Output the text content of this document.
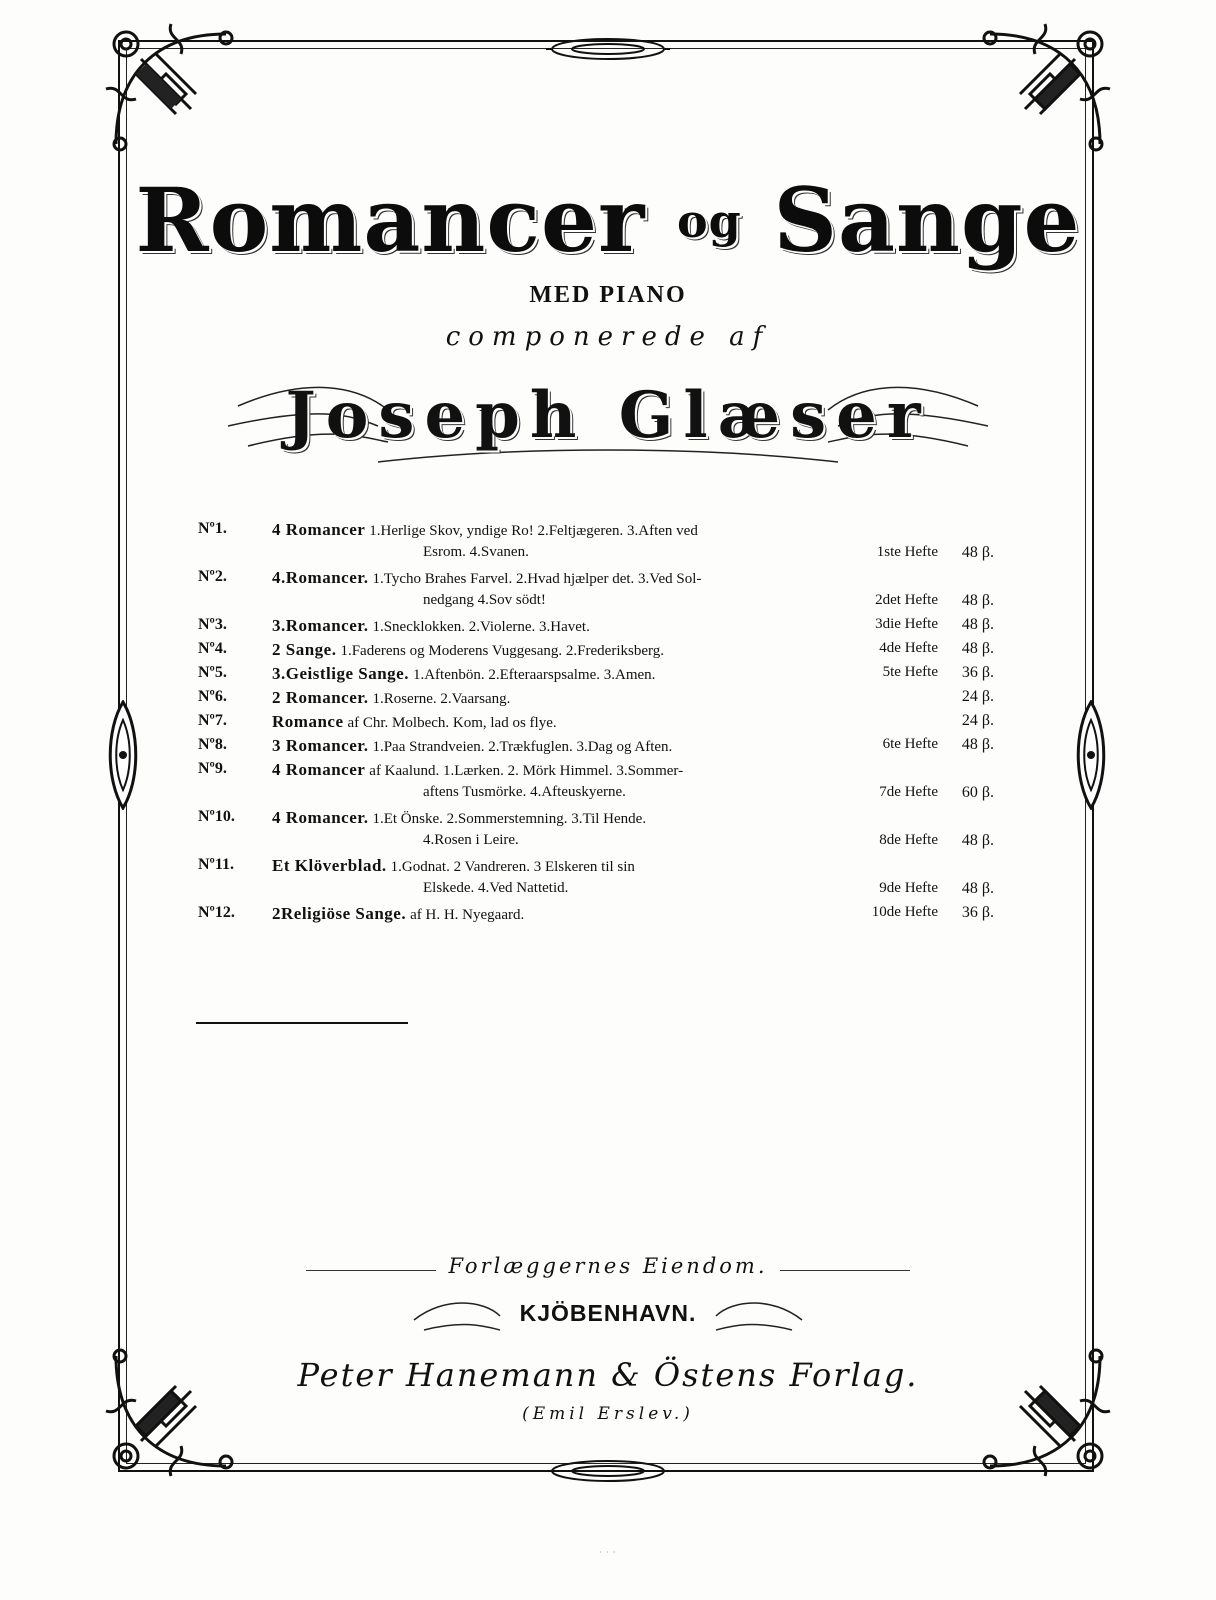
Romancer og Sange
MED PIANO
componerede af
Joseph Glæser
Nº1.	4 Romancer 1.Herlige Skov, yndige Ro! 2.Feltjægeren. 3.Aften ved
Esrom. 4.Svanen.	1ste Hefte	48 β.
Nº2.	4.Romancer. 1.Tycho Brahes Farvel. 2.Hvad hjælper det. 3.Ved Sol-
nedgang 4.Sov södt!	2det Hefte	48 β.
Nº3.	3.Romancer. 1.Snecklokken. 2.Violerne. 3.Havet.	3die Hefte	48 β.
Nº4.	2 Sange. 1.Faderens og Moderens Vuggesang. 2.Frederiksberg.	4de Hefte	48 β.
Nº5.	3.Geistlige Sange. 1.Aftenbön. 2.Efteraarspsalme. 3.Amen.	5te Hefte	36 β.
Nº6.	2 Romancer. 1.Roserne. 2.Vaarsang.	24 β.
Nº7.	Romance af Chr. Molbech. Kom, lad os flye.	24 β.
Nº8.	3 Romancer. 1.Paa Strandveien. 2.Trækfuglen. 3.Dag og Aften.	6te Hefte	48 β.
Nº9.	4 Romancer af Kaalund. 1.Lærken. 2. Mörk Himmel. 3.Sommer-
aftens Tusmörke. 4.Afteuskyerne.	7de Hefte	60 β.
Nº10.	4 Romancer. 1.Et Önske. 2.Sommerstemning. 3.Til Hende.
4.Rosen i Leire.	8de Hefte	48 β.
Nº11.	Et Klöverblad. 1.Godnat. 2 Vandreren. 3 Elskeren til sin
Elskede. 4.Ved Nattetid.	9de Hefte	48 β.
Nº12.	2Religiöse Sange. af H. H. Nyegaard.	10de Hefte	36 β.
Forlæggernes Eiendom.
KJÖBENHAVN.
Peter Hanemann & Östens Forlag.
(Emil Erslev.)
· · ·
